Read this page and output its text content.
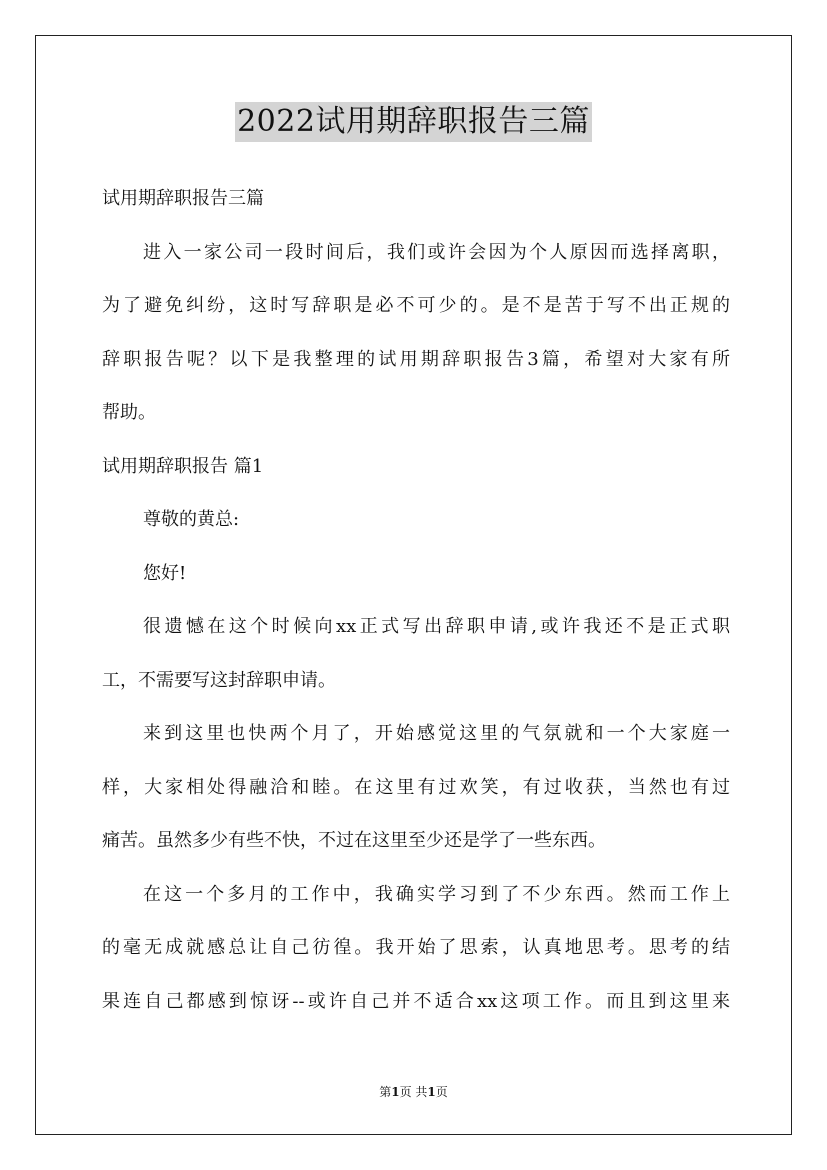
2022试用期辞职报告三篇
试用期辞职报告三篇
进入一家公司一段时间后，我们或许会因为个人原因而选择离职，
为了避免纠纷，这时写辞职是必不可少的。是不是苦于写不出正规的
辞职报告呢？以下是我整理的试用期辞职报告3篇，希望对大家有所
帮助。
试用期辞职报告 篇1
尊敬的黄总:
您好!
很遗憾在这个时候向xx正式写出辞职申请,或许我还不是正式职
工，不需要写这封辞职申请。
来到这里也快两个月了，开始感觉这里的气氛就和一个大家庭一
样，大家相处得融洽和睦。在这里有过欢笑，有过收获，当然也有过
痛苦。虽然多少有些不快，不过在这里至少还是学了一些东西。
在这一个多月的工作中，我确实学习到了不少东西。然而工作上
的毫无成就感总让自己彷徨。我开始了思索，认真地思考。思考的结
果连自己都感到惊讶--或许自己并不适合xx这项工作。而且到这里来
第1页 共1页
